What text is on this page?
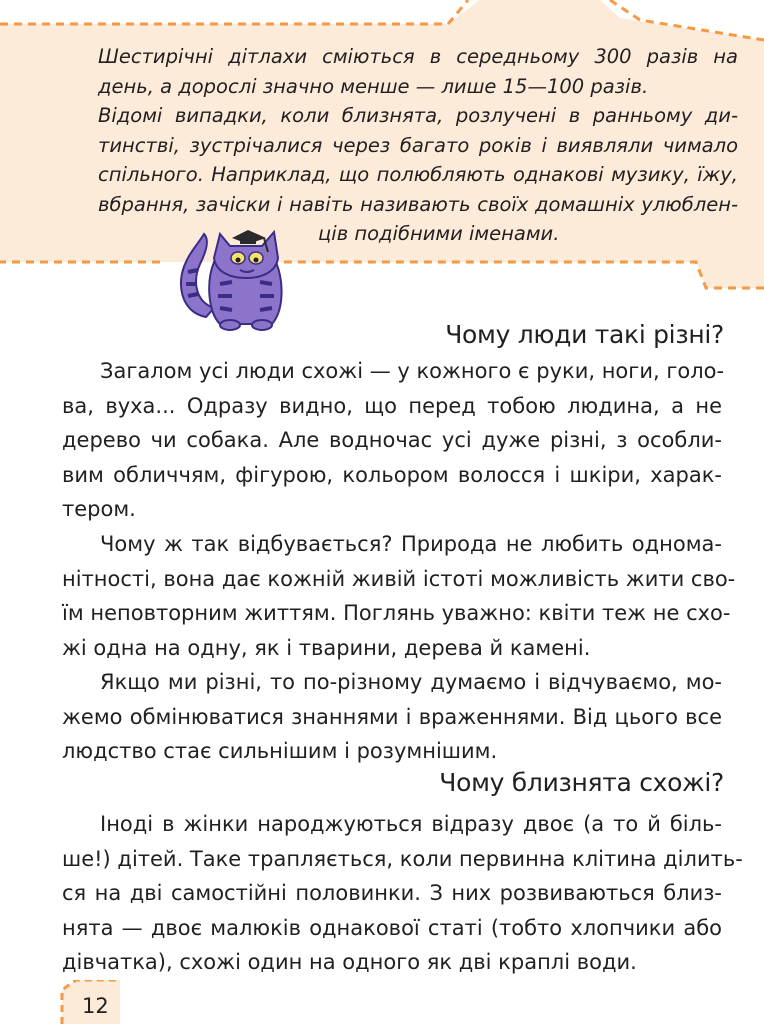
Шестирічні дітлахи сміються в середньому 300 разів на
день, а дорослі значно менше — лише 15—100 разів.
Відомі випадки, коли близнята, розлучені в ранньому ди-
тинстві, зустрічалися через багато років і виявляли чимало
спільного. Наприклад, що полюбляють однакові музику, їжу,
вбрання, зачіски і навіть називають своїх домашніх улюблен-
ців подібними іменами.
Чому люди такі різні?
Загалом усі люди схожі — у кожного є руки, ноги, голо-
ва, вуха... Одразу видно, що перед тобою людина, а не
дерево чи собака. Але водночас усі дуже різні, з особли-
вим обличчям, фігурою, кольором волосся і шкіри, харак-
тером.
Чому ж так відбувається? Природа не любить однома-
нітності, вона дає кожній живій істоті можливість жити сво-
їм неповторним життям. Поглянь уважно: квіти теж не схо-
жі одна на одну, як і тварини, дерева й камені.
Якщо ми різні, то по-різному думаємо і відчуваємо, мо-
жемо обмінюватися знаннями і враженнями. Від цього все
людство стає сильнішим і розумнішим.
Чому близнята схожі?
Іноді в жінки народжуються відразу двоє (а то й біль-
ше!) дітей. Таке трапляється, коли первинна клітина ділить-
ся на дві самостійні половинки. З них розвиваються близ-
нята — двоє малюків однакової статі (тобто хлопчики або
дівчатка), схожі один на одного як дві краплі води.

12
